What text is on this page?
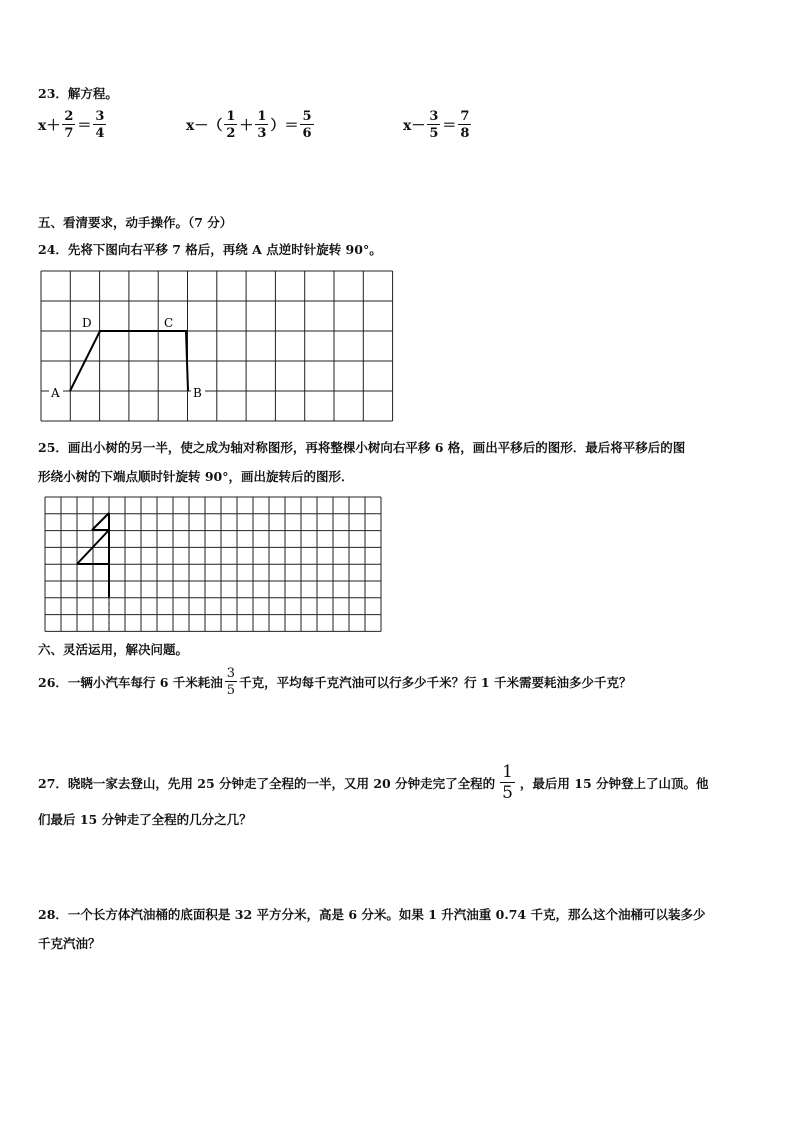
23．解方程。
$x+ \frac{2}{7} = \frac{3}{4}$	$x-( \frac{1}{2} + \frac{1}{3}$ ）＝ $\frac{5}{6}$	$x- \frac{3}{5} = \frac{7}{8}$
五、看清要求，动手操作。（7 分）
24．先将下图向右平移 7 格后，再绕 A 点逆时针旋转 90°。
A	B
C
D
25．画出小树的另一半，使之成为轴对称图形，再将整棵小树向右平移 6 格，画出平移后的图形．最后将平移后的图
形绕小树的下端点顺时针旋转 90°，画出旋转后的图形．
六、灵活运用，解决问题。
26．一辆小汽车每行 6 千米耗油 $\frac{3}{5}$ 千克，平均每千克汽油可以行多少千米？行 1 千米需要耗油多少千克？
27．晓晓一家去登山，先用 25 分钟走了全程的一半，又用 20 分钟走完了全程的 $\frac{1}{5}$ ，最后用 15 分钟登上了山顶。他
们最后 15 分钟走了全程的几分之几？
28．一个长方体汽油桶的底面积是 32 平方分米，高是 6 分米。如果 1 升汽油重 0.74 千克，那么这个油桶可以装多少
千克汽油？
